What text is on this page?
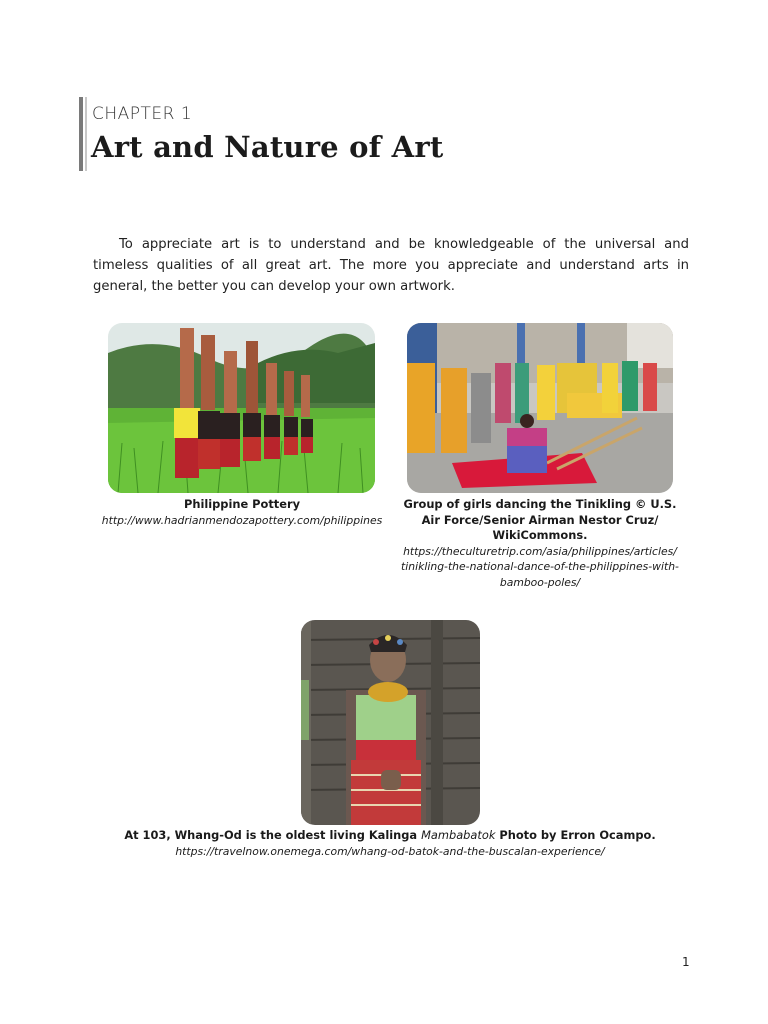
CHAPTER 1
Art and Nature of Art
To appreciate art is to understand and be knowledgeable of the universal and timeless qualities of all great art. The more you appreciate and understand arts in general, the better you can develop your own artwork.
Philippine Pottery
http://www.hadrianmendozapottery.com/philippines
Group of girls dancing the Tinikling © U.S.
Air Force/Senior Airman Nestor Cruz/
WikiCommons.
https://theculturetrip.com/asia/philippines/articles/
tinikling-the-national-dance-of-the-philippines-with-
bamboo-poles/
At 103, Whang-Od is the oldest living Kalinga Mambabatok Photo by Erron Ocampo.
https://travelnow.onemega.com/whang-od-batok-and-the-buscalan-experience/
1
